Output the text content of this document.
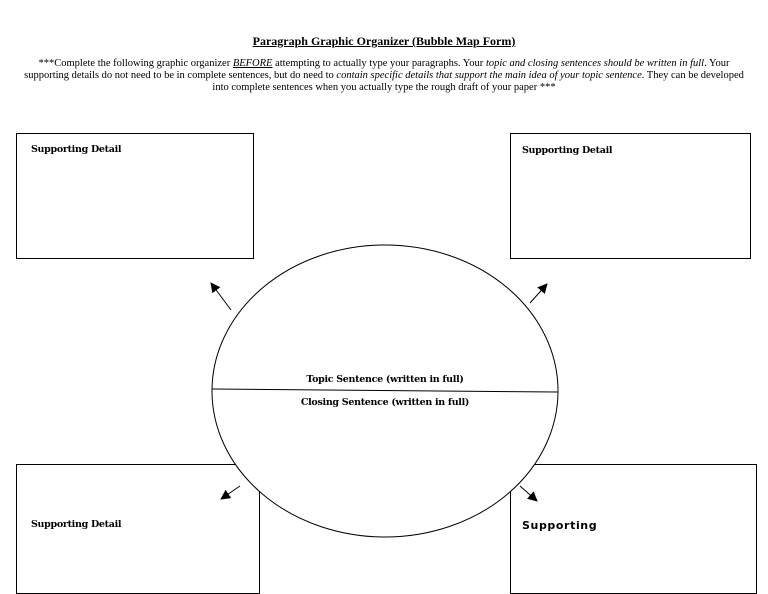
Paragraph Graphic Organizer (Bubble Map Form)
***Complete the following graphic organizer BEFORE attempting to actually type your paragraphs. Your topic and closing sentences should be written in full. Your supporting details do not need to be in complete sentences, but do need to contain specific details that support the main idea of your topic sentence. They can be developed into complete sentences when you actually type the rough draft of your paper ***
Supporting Detail	Supporting Detail
Supporting Detail	Supporting
Topic Sentence (written in full)
Closing Sentence (written in full)
